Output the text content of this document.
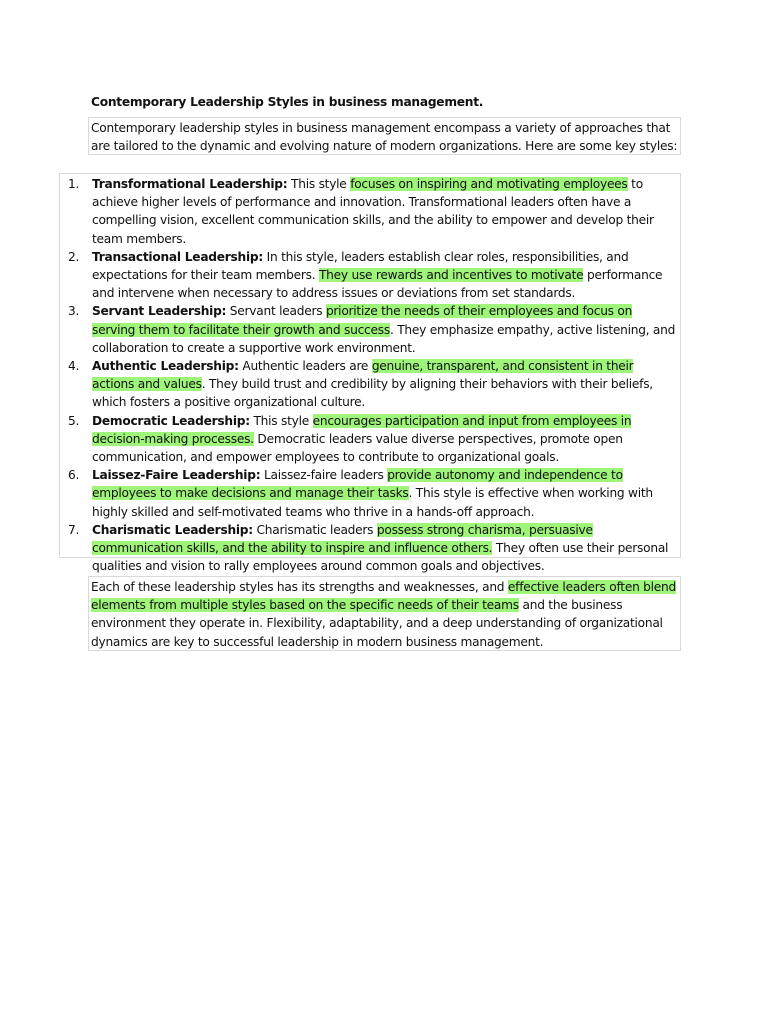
Contemporary Leadership Styles in business management.
Contemporary leadership styles in business management encompass a variety of approaches that are tailored to the dynamic and evolving nature of modern organizations. Here are some key styles:
1.	Transformational Leadership: This style focuses on inspiring and motivating employees to achieve higher levels of performance and innovation. Transformational leaders often have a compelling vision, excellent communication skills, and the ability to empower and develop their team members.
2.	Transactional Leadership: In this style, leaders establish clear roles, responsibilities, and expectations for their team members. They use rewards and incentives to motivate performance and intervene when necessary to address issues or deviations from set standards.
3.	Servant Leadership: Servant leaders prioritize the needs of their employees and focus on serving them to facilitate their growth and success. They emphasize empathy, active listening, and collaboration to create a supportive work environment.
4.	Authentic Leadership: Authentic leaders are genuine, transparent, and consistent in their actions and values. They build trust and credibility by aligning their behaviors with their beliefs, which fosters a positive organizational culture.
5.	Democratic Leadership: This style encourages participation and input from employees in decision-making processes. Democratic leaders value diverse perspectives, promote open communication, and empower employees to contribute to organizational goals.
6.	Laissez-Faire Leadership: Laissez-faire leaders provide autonomy and independence to employees to make decisions and manage their tasks. This style is effective when working with highly skilled and self-motivated teams who thrive in a hands-off approach.
7.	Charismatic Leadership: Charismatic leaders possess strong charisma, persuasive communication skills, and the ability to inspire and influence others. They often use their personal qualities and vision to rally employees around common goals and objectives.
Each of these leadership styles has its strengths and weaknesses, and effective leaders often blend elements from multiple styles based on the specific needs of their teams and the business environment they operate in. Flexibility, adaptability, and a deep understanding of organizational dynamics are key to successful leadership in modern business management.
